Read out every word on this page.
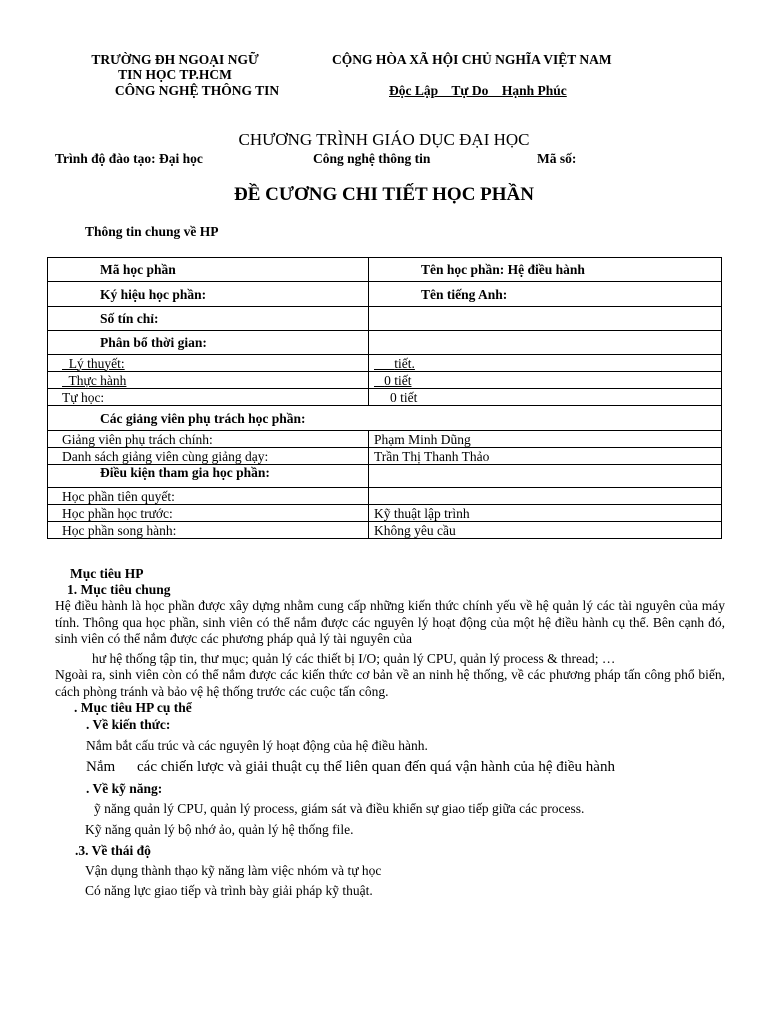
TRƯỜNG ĐH NGOẠI NGỮ
TIN HỌC TP.HCM
CÔNG NGHỆ THÔNG TIN
CỘNG HÒA XÃ HỘI CHỦ NGHĨA VIỆT NAM
Độc Lập    Tự Do    Hạnh Phúc
CHƯƠNG TRÌNH GIÁO DỤC ĐẠI HỌC
Trình độ đào tạo: Đại học	Công nghệ thông tin	Mã số:
ĐỀ CƯƠNG CHI TIẾT HỌC PHẦN
Thông tin chung về HP
Mã học phần	Tên học phần: Hệ điều hành
Ký hiệu học phần:	Tên tiếng Anh:
Số tín chỉ:	
Phân bổ thời gian:	
Lý thuyết:	tiết.
Thực hành	0 tiết
Tự học:	0 tiết
Các giảng viên phụ trách học phần:	
Giảng viên phụ trách chính:	Phạm Minh Dũng
Danh sách giảng viên cùng giảng dạy:	Trần Thị Thanh Thảo
Điều kiện tham gia học phần:	
Học phần tiên quyết:	
Học phần học trước:	Kỹ thuật lập trình
Học phần song hành:	Không yêu cầu
Mục tiêu HP
1. Mục tiêu chung
Hệ điều hành là học phần được xây dựng nhằm cung cấp những kiến thức chính yếu về hệ quản lý các tài nguyên của máy tính. Thông qua học phần, sinh viên có thể nắm được các nguyên lý hoạt động của một hệ điều hành cụ thể. Bên cạnh đó, sinh viên có thể nắm được các phương pháp quả lý tài nguyên của
hư hệ thống tập tin, thư mục; quản lý các thiết bị I/O; quản lý CPU, quản lý process & thread; …
Ngoài ra, sinh viên còn có thể nắm được các kiến thức cơ bản về an ninh hệ thống, về các phương pháp tấn công phổ biến, cách phòng tránh và bảo vệ hệ thống trước các cuộc tấn công.
. Mục tiêu HP cụ thể
. Về kiến thức:
Nắm bắt cấu trúc và các nguyên lý hoạt động của hệ điều hành.
Nắm các chiến lược và giải thuật cụ thể liên quan đến quá vận hành của hệ điều hành
. Về kỹ năng:
ỹ năng quản lý CPU, quản lý process, giám sát và điều khiển sự giao tiếp giữa các process.
Kỹ năng quản lý bộ nhớ ảo, quản lý hệ thống file.
.3. Về thái độ
Vận dụng thành thạo kỹ năng làm việc nhóm và tự học
Có năng lực giao tiếp và trình bày giải pháp kỹ thuật.
